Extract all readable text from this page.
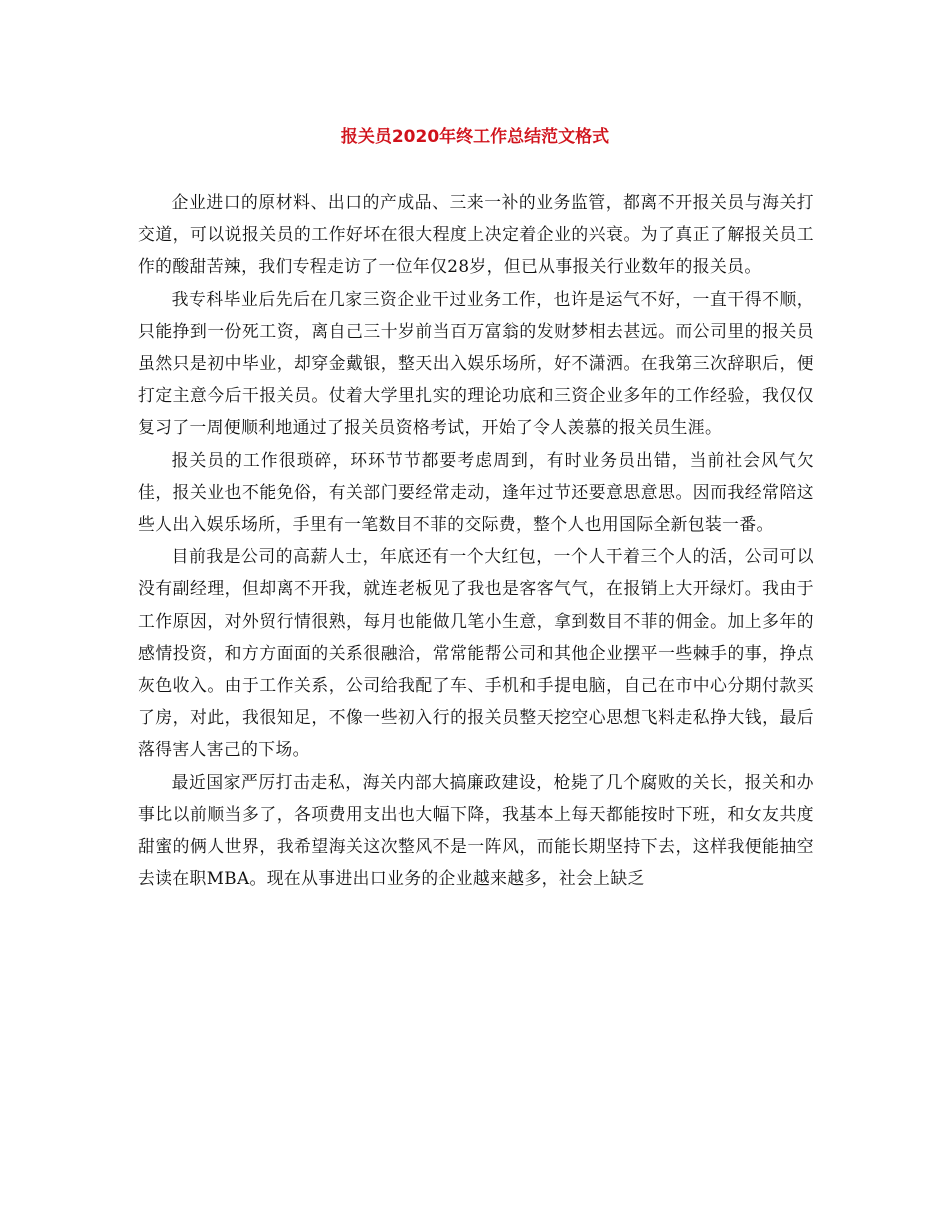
报关员2020年终工作总结范文格式

企业进口的原材料、出口的产成品、三来一补的业务监管，都离不开报关员与海关打交道，可以说报关员的工作好坏在很大程度上决定着企业的兴衰。为了真正了解报关员工作的酸甜苦辣，我们专程走访了一位年仅28岁，但已从事报关行业数年的报关员。

我专科毕业后先后在几家三资企业干过业务工作，也许是运气不好，一直干得不顺，只能挣到一份死工资，离自己三十岁前当百万富翁的发财梦相去甚远。而公司里的报关员虽然只是初中毕业，却穿金戴银，整天出入娱乐场所，好不潇洒。在我第三次辞职后，便打定主意今后干报关员。仗着大学里扎实的理论功底和三资企业多年的工作经验，我仅仅复习了一周便顺利地通过了报关员资格考试，开始了令人羡慕的报关员生涯。

报关员的工作很琐碎，环环节节都要考虑周到，有时业务员出错，当前社会风气欠佳，报关业也不能免俗，有关部门要经常走动，逢年过节还要意思意思。因而我经常陪这些人出入娱乐场所，手里有一笔数目不菲的交际费，整个人也用国际全新包装一番。

目前我是公司的高薪人士，年底还有一个大红包，一个人干着三个人的活，公司可以没有副经理，但却离不开我，就连老板见了我也是客客气气，在报销上大开绿灯。我由于工作原因，对外贸行情很熟，每月也能做几笔小生意，拿到数目不菲的佣金。加上多年的感情投资，和方方面面的关系很融洽，常常能帮公司和其他企业摆平一些棘手的事，挣点灰色收入。由于工作关系，公司给我配了车、手机和手提电脑，自己在市中心分期付款买了房，对此，我很知足，不像一些初入行的报关员整天挖空心思想飞料走私挣大钱，最后落得害人害己的下场。

最近国家严厉打击走私，海关内部大搞廉政建设，枪毙了几个腐败的关长，报关和办事比以前顺当多了，各项费用支出也大幅下降，我基本上每天都能按时下班，和女友共度甜蜜的俩人世界，我希望海关这次整风不是一阵风，而能长期坚持下去，这样我便能抽空去读在职MBA。现在从事进出口业务的企业越来越多，社会上缺乏
